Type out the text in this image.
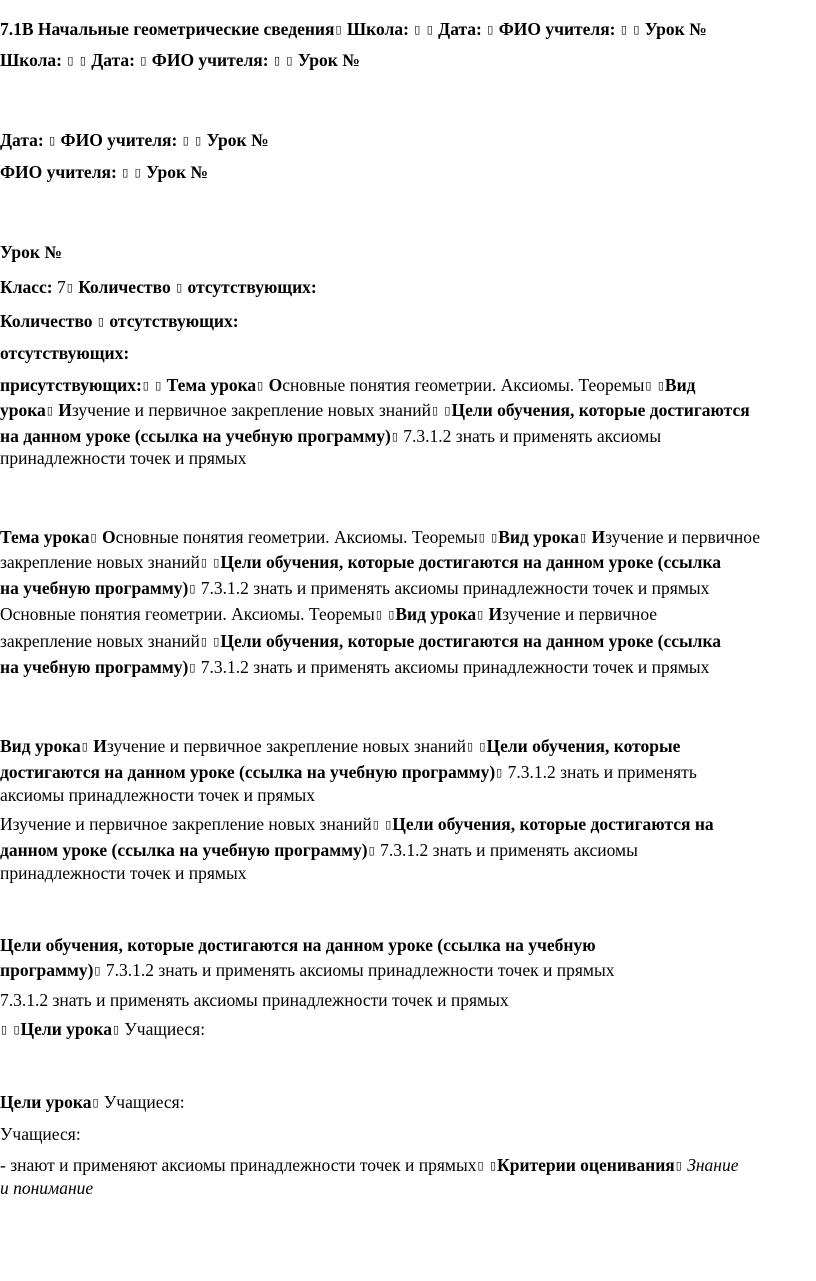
7.1В Начальные геометрические сведения▯ Школа: ▯ ▯ Дата: ▯ ФИО учителя: ▯ ▯ Урок №
Школа: ▯ ▯ Дата: ▯ ФИО учителя: ▯ ▯ Урок №
Дата: ▯ ФИО учителя: ▯ ▯ Урок №
ФИО учителя: ▯ ▯ Урок №
Урок №
Класс: 7▯ Количество ▯ отсутствующих:
Количество ▯ отсутствующих:
отсутствующих:
присутствующих:▯ ▯ Тема урока▯ Основные понятия геометрии. Аксиомы. Теоремы ▯ ▯ Вид
урока▯ Изучение и первичное закрепление новых знаний ▯ ▯ Цели обучения, которые достигаются
на данном уроке (ссылка на учебную программу)▯ 7.3.1.2 знать и применять аксиомы
принадлежности точек и прямых
Тема урока▯ Основные понятия геометрии. Аксиомы. Теоремы ▯ ▯ Вид урока▯ Изучение и первичное
закрепление новых знаний ▯ ▯ Цели обучения, которые достигаются на данном уроке (ссылка
на учебную программу)▯ 7.3.1.2 знать и применять аксиомы принадлежности точек и прямых
Основные понятия геометрии. Аксиомы. Теоремы ▯ ▯ Вид урока▯ Изучение и первичное
закрепление новых знаний ▯ ▯ Цели обучения, которые достигаются на данном уроке (ссылка
на учебную программу)▯ 7.3.1.2 знать и применять аксиомы принадлежности точек и прямых
Вид урока▯ Изучение и первичное закрепление новых знаний ▯ ▯ Цели обучения, которые
достигаются на данном уроке (ссылка на учебную программу)▯ 7.3.1.2 знать и применять
аксиомы принадлежности точек и прямых
Изучение и первичное закрепление новых знаний ▯ ▯ Цели обучения, которые достигаются на
данном уроке (ссылка на учебную программу)▯ 7.3.1.2 знать и применять аксиомы
принадлежности точек и прямых
Цели обучения, которые достигаются на данном уроке (ссылка на учебную
программу)▯ 7.3.1.2 знать и применять аксиомы принадлежности точек и прямых
7.3.1.2 знать и применять аксиомы принадлежности точек и прямых
▯ ▯Цели урока▯ Учащиеся:
Цели урока▯ Учащиеся:
Учащиеся:
- знают и применяют аксиомы принадлежности точек и прямых ▯ ▯ Критерии оценивания ▯ Знание
и понимание
